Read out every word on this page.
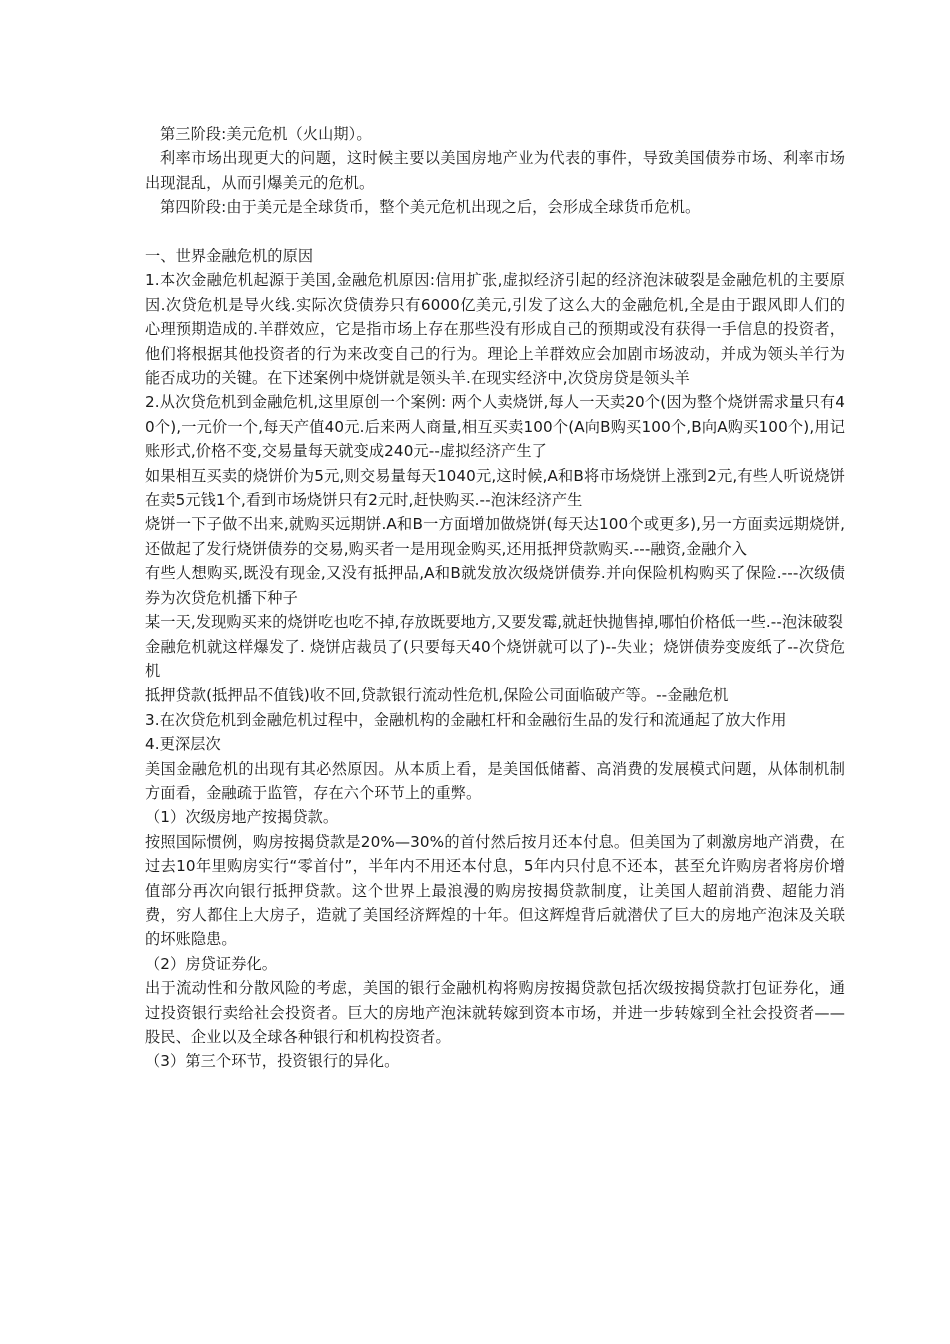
第三阶段:美元危机（火山期）。

利率市场出现更大的问题，这时候主要以美国房地产业为代表的事件，导致美国债券市场、利率市场出现混乱，从而引爆美元的危机。

第四阶段:由于美元是全球货币，整个美元危机出现之后，会形成全球货币危机。

一、世界金融危机的原因

1.本次金融危机起源于美国,金融危机原因:信用扩张,虚拟经济引起的经济泡沫破裂是金融危机的主要原因.次贷危机是导火线.实际次贷债券只有6000亿美元,引发了这么大的金融危机,全是由于跟风即人们的心理预期造成的.羊群效应，它是指市场上存在那些没有形成自己的预期或没有获得一手信息的投资者，他们将根据其他投资者的行为来改变自己的行为。理论上羊群效应会加剧市场波动，并成为领头羊行为能否成功的关键。在下述案例中烧饼就是领头羊.在现实经济中,次贷房贷是领头羊

2.从次贷危机到金融危机,这里原创一个案例: 两个人卖烧饼,每人一天卖20个(因为整个烧饼需求量只有40个),一元价一个,每天产值40元.后来两人商量,相互买卖100个(A向B购买100个,B向A购买100个),用记账形式,价格不变,交易量每天就变成240元--虚拟经济产生了

如果相互买卖的烧饼价为5元,则交易量每天1040元,这时候,A和B将市场烧饼上涨到2元,有些人听说烧饼在卖5元钱1个,看到市场烧饼只有2元时,赶快购买.--泡沫经济产生

烧饼一下子做不出来,就购买远期饼.A和B一方面增加做烧饼(每天达100个或更多),另一方面卖远期烧饼,还做起了发行烧饼债券的交易,购买者一是用现金购买,还用抵押贷款购买.---融资,金融介入

有些人想购买,既没有现金,又没有抵押品,A和B就发放次级烧饼债券.并向保险机构购买了保险.---次级债券为次贷危机播下种子

某一天,发现购买来的烧饼吃也吃不掉,存放既要地方,又要发霉,就赶快抛售掉,哪怕价格低一些.--泡沫破裂

金融危机就这样爆发了. 烧饼店裁员了(只要每天40个烧饼就可以了)--失业；烧饼债券变废纸了--次贷危机

抵押贷款(抵押品不值钱)收不回,贷款银行流动性危机,保险公司面临破产等。--金融危机

3.在次贷危机到金融危机过程中，金融机构的金融杠杆和金融衍生品的发行和流通起了放大作用

4.更深层次

美国金融危机的出现有其必然原因。从本质上看，是美国低储蓄、高消费的发展模式问题，从体制机制方面看，金融疏于监管，存在六个环节上的重弊。

（1）次级房地产按揭贷款。

按照国际惯例，购房按揭贷款是20%—30%的首付然后按月还本付息。但美国为了刺激房地产消费，在过去10年里购房实行“零首付”，半年内不用还本付息，5年内只付息不还本，甚至允许购房者将房价增值部分再次向银行抵押贷款。这个世界上最浪漫的购房按揭贷款制度，让美国人超前消费、超能力消费，穷人都住上大房子，造就了美国经济辉煌的十年。但这辉煌背后就潜伏了巨大的房地产泡沫及关联的坏账隐患。

（2）房贷证券化。

出于流动性和分散风险的考虑，美国的银行金融机构将购房按揭贷款包括次级按揭贷款打包证券化，通过投资银行卖给社会投资者。巨大的房地产泡沫就转嫁到资本市场，并进一步转嫁到全社会投资者——股民、企业以及全球各种银行和机构投资者。

（3）第三个环节，投资银行的异化。
